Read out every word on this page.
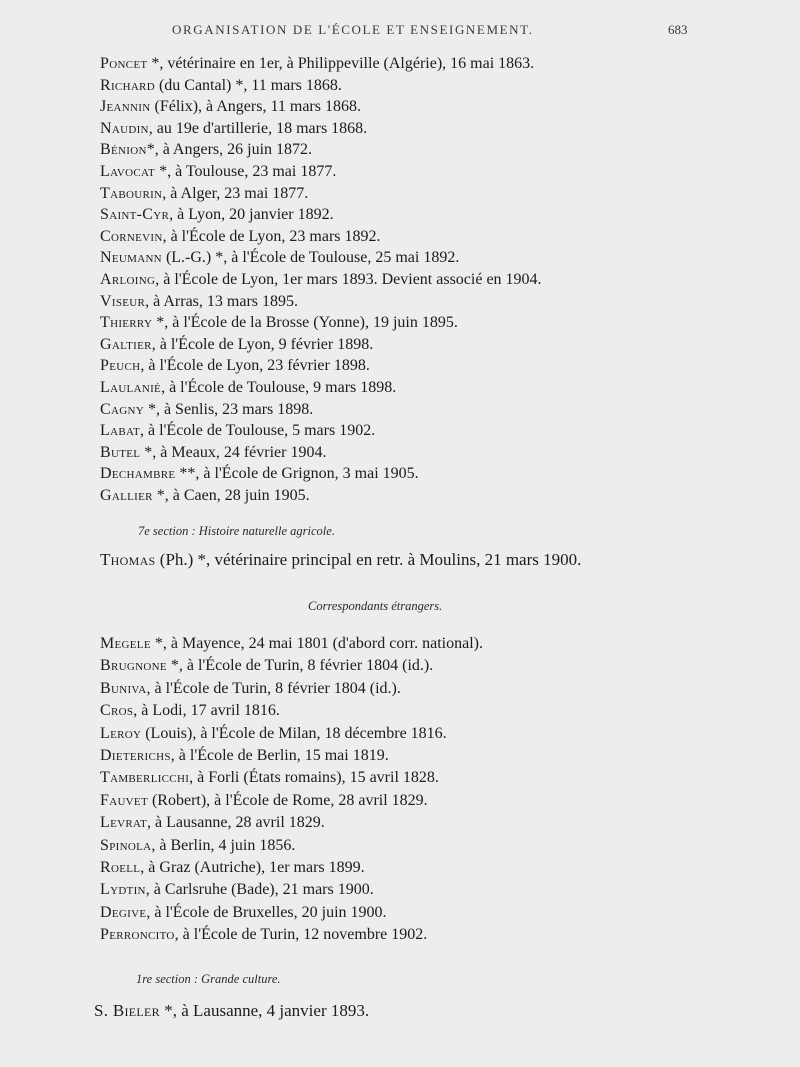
ORGANISATION DE L'ÉCOLE ET ENSEIGNEMENT.	683
Poncet *, vétérinaire en 1er, à Philippeville (Algérie), 16 mai 1863.
Richard (du Cantal) *, 11 mars 1868.
Jeannin (Félix), à Angers, 11 mars 1868.
Naudin, au 19e d'artillerie, 18 mars 1868.
Bénion*, à Angers, 26 juin 1872.
Lavocat *, à Toulouse, 23 mai 1877.
Tabourin, à Alger, 23 mai 1877.
Saint-Cyr, à Lyon, 20 janvier 1892.
Cornevin, à l'École de Lyon, 23 mars 1892.
Neumann (L.-G.) *, à l'École de Toulouse, 25 mai 1892.
Arloing, à l'École de Lyon, 1er mars 1893. Devient associé en 1904.
Viseur, à Arras, 13 mars 1895.
Thierry *, à l'École de la Brosse (Yonne), 19 juin 1895.
Galtier, à l'École de Lyon, 9 février 1898.
Peuch, à l'École de Lyon, 23 février 1898.
Laulanié, à l'École de Toulouse, 9 mars 1898.
Cagny *, à Senlis, 23 mars 1898.
Labat, à l'École de Toulouse, 5 mars 1902.
Butel *, à Meaux, 24 février 1904.
Dechambre **, à l'École de Grignon, 3 mai 1905.
Gallier *, à Caen, 28 juin 1905.
7e section : Histoire naturelle agricole.
Thomas (Ph.) *, vétérinaire principal en retr. à Moulins, 21 mars 1900.
Correspondants étrangers.
Megele *, à Mayence, 24 mai 1801 (d'abord corr. national).
Brugnone *, à l'École de Turin, 8 février 1804 (id.).
Buniva, à l'École de Turin, 8 février 1804 (id.).
Cros, à Lodi, 17 avril 1816.
Leroy (Louis), à l'École de Milan, 18 décembre 1816.
Dieterichs, à l'École de Berlin, 15 mai 1819.
Tamberlicchi, à Forli (États romains), 15 avril 1828.
Fauvet (Robert), à l'École de Rome, 28 avril 1829.
Levrat, à Lausanne, 28 avril 1829.
Spinola, à Berlin, 4 juin 1856.
Roell, à Graz (Autriche), 1er mars 1899.
Lydtin, à Carlsruhe (Bade), 21 mars 1900.
Degive, à l'École de Bruxelles, 20 juin 1900.
Perroncito, à l'École de Turin, 12 novembre 1902.
1re section : Grande culture.
S. Bieler *, à Lausanne, 4 janvier 1893.
